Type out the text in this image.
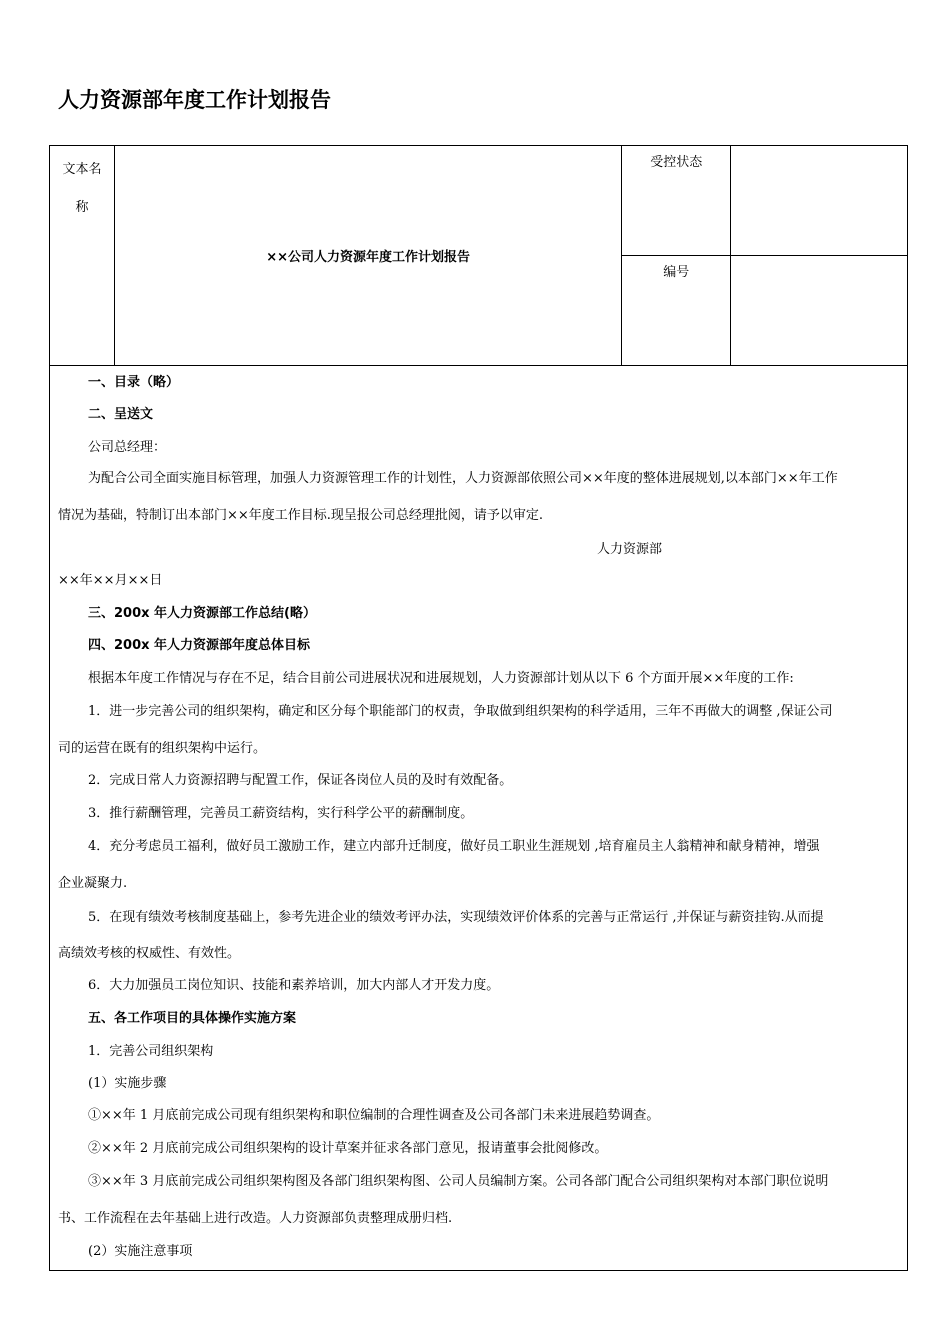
人力资源部年度工作计划报告
文本名称	××公司人力资源年度工作计划报告	受控状态	

		编号	

一、目录（略）
二、呈送文
公司总经理：
为配合公司全面实施目标管理，加强人力资源管理工作的计划性，人力资源部依照公司××年度的整体进展规划,以本部门××年工作
情况为基础，特制订出本部门××年度工作目标.现呈报公司总经理批阅，请予以审定.
人力资源部
××年××月××日
三、200x 年人力资源部工作总结(略）
四、200x 年人力资源部年度总体目标
根据本年度工作情况与存在不足，结合目前公司进展状况和进展规划，人力资源部计划从以下 6 个方面开展××年度的工作:
1．进一步完善公司的组织架构，确定和区分每个职能部门的权责，争取做到组织架构的科学适用，三年不再做大的调整 ,保证公司
司的运营在既有的组织架构中运行。
2．完成日常人力资源招聘与配置工作，保证各岗位人员的及时有效配备。
3．推行薪酬管理，完善员工薪资结构，实行科学公平的薪酬制度。
4．充分考虑员工福利，做好员工激励工作，建立内部升迁制度，做好员工职业生涯规划 ,培育雇员主人翁精神和献身精神，增强
企业凝聚力.
5．在现有绩效考核制度基础上，参考先进企业的绩效考评办法，实现绩效评价体系的完善与正常运行 ,并保证与薪资挂钩.从而提
高绩效考核的权威性、有效性。
6．大力加强员工岗位知识、技能和素养培训，加大内部人才开发力度。
五、各工作项目的具体操作实施方案
1．完善公司组织架构
(1）实施步骤
①××年 1 月底前完成公司现有组织架构和职位编制的合理性调查及公司各部门未来进展趋势调查。
②××年 2 月底前完成公司组织架构的设计草案并征求各部门意见，报请董事会批阅修改。
③××年 3 月底前完成公司组织架构图及各部门组织架构图、公司人员编制方案。公司各部门配合公司组织架构对本部门职位说明
书、工作流程在去年基础上进行改造。人力资源部负责整理成册归档.
(2）实施注意事项
